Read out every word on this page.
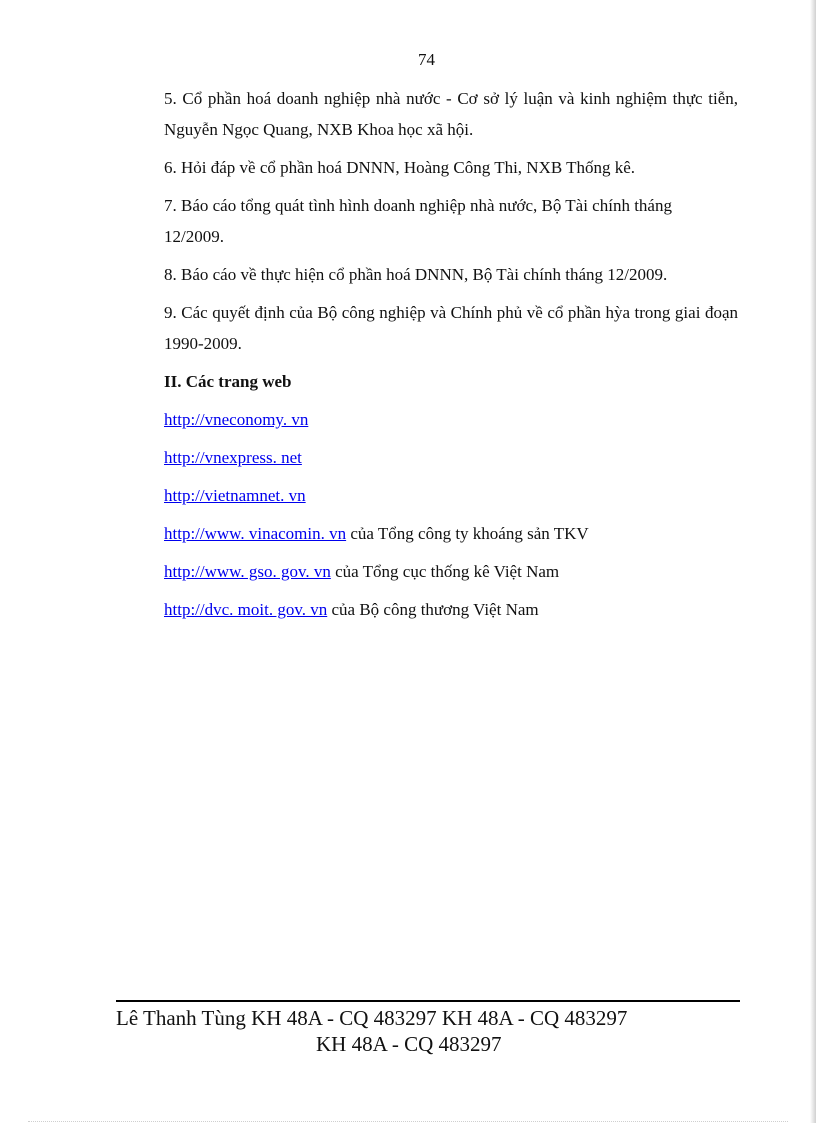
74

5. Cổ phần hoá doanh nghiệp nhà nước - Cơ sở lý luận và kinh nghiệm thực tiễn, Nguyễn Ngọc Quang, NXB Khoa học xã hội.

6. Hỏi đáp về cổ phần hoá DNNN, Hoàng Công Thi, NXB Thống kê.

7. Báo cáo tổng quát tình hình doanh nghiệp nhà nước, Bộ Tài chính tháng

12/2009.

8. Báo cáo về thực hiện cổ phần hoá DNNN, Bộ Tài chính tháng 12/2009.

9. Các quyết định của Bộ công nghiệp và Chính phủ về cổ phần hỳa trong giai đoạn 1990-2009.

II. Các trang web
http://vneconomy. vn
http://vnexpress. net
http://vietnamnet. vn
http://www. vinacomin. vn của Tổng công ty khoáng sản TKV
http://www. gso. gov. vn của Tổng cục thống kê Việt Nam
http://dvc. moit. gov. vn của Bộ công thương Việt Nam
Lê Thanh Tùng KH 48A - CQ 483297 KH 48A - CQ 483297
KH 48A - CQ 483297
